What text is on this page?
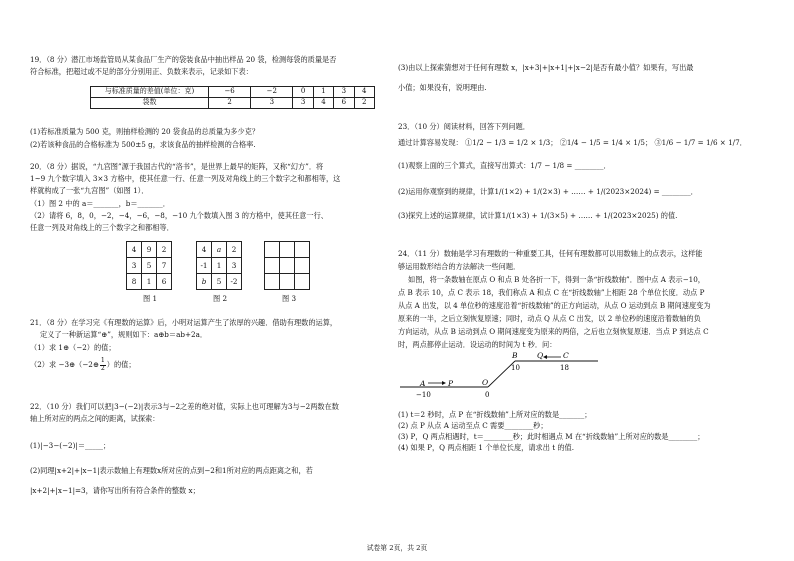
19．（8 分）潜江市场监管局从某食品厂生产的袋装食品中抽出样品 20 袋，检测每袋的质量是否
符合标准，把超过或不足的部分分别用正、负数来表示，记录如下表：
与标准质量的差值(单位：克)	−6	−2	0	1	3	4
袋数	2	3	3	4	6	2
(1)若标准质量为 500 克，则抽样检测的 20 袋食品的总质量为多少克？
(2)若该种食品的合格标准为 500±5 g，求该食品的抽样检测的合格率.
20．（8 分）据说，“九宫图”源于我国古代的“洛书”，是世界上最早的矩阵，又称“幻方”．将
1~9 九个数字填入 3×3 方格中，使其任意一行、任意一列及对角线上的三个数字之和都相等，这
样就构成了一张“九宫图”（如图 1）．
（1）图 2 中的 a＝_______，b＝_______．
（2）请将 6，8，0，−2，−4，−6，−8，−10 九个数填入图 3 的方格中，使其任意一行、
任意一列及对角线上的三个数字之和都相等．
4	9	2
3	5	7
8	1	6
图 1
4	a	2
-1	1	3
b	5	-2
图 2

			图 3
21．（8 分）在学习完《有理数的运算》后，小明对运算产生了浓厚的兴趣．借助有理数的运算，
定义了一种新运算“⊕”，规则如下：a⊕b＝ab+2a．
（1）求 1⊕（−2）的值；
（2）求 −3⊕（−2⊕ $\frac{1}{2}$ ）的值；
22．（10 分）我们可以把|3−(−2)|表示3与−2之差的绝对值，实际上也可理解为3与−2两数在数
轴上所对应的两点之间的距离，试探索：
(1)|−3−(−2)|＝_____；
(2)同理|x+2|+|x−1|表示数轴上有理数x所对应的点到−2和1所对应的两点距离之和，若
|x+2|+|x−1|=3，请你写出所有符合条件的整数 x；
(3)由以上探索猜想对于任何有理数 x，|x+3|+|x+1|+|x−2|是否有最小值？如果有，写出最
小值；如果没有，说明理由.
23．（10 分）阅读材料，回答下列问题．
通过计算容易发现： ①1/2 − 1/3 = 1/2 × 1/3； ②1/4 − 1/5 = 1/4 × 1/5； ③1/6 − 1/7 = 1/6 × 1/7．
(1)观察上面的三个算式，直接写出算式：1/7 − 1/8 = ________．
(2)运用你观察到的规律，计算1/(1×2) + 1/(2×3) + …… + 1/(2023×2024) = ________．
(3)探究上述的运算规律，试计算1/(1×3) + 1/(3×5) + …… + 1/(2023×2025) 的值.
24．（11 分）数轴是学习有理数的一种重要工具，任何有理数都可以用数轴上的点表示，这样能
够运用数形结合的方法解决一些问题．
如图，将一条数轴在原点 O 和点 B 处各折一下，得到一条“折线数轴”．图中点 A 表示−10，
点 B 表示 10，点 C 表示 18，我们称点 A 和点 C 在“折线数轴”上相距 28 个单位长度．动点 P
从点 A 出发，以 4 单位秒的速度沿着“折线数轴”的正方向运动，从点 O 运动到点 B 期间速度变为
原来的一半，之后立刻恢复原速；同时，动点 Q 从点 C 出发，以 2 单位秒的速度沿着数轴的负
方向运动，从点 B 运动到点 O 期间速度变为原来的两倍，之后也立刻恢复原速．当点 P 到达点 C
时，两点都停止运动．设运动的时间为 t 秒．问：
A	P	O
B	Q	C
−10	0
10	18
(1) t＝2 秒时，点 P 在“折线数轴”上所对应的数是_______；
(2) 点 P 从点 A 运动至点 C 需要________秒；
(3) P，Q 两点相遇时，t＝________秒；此时相遇点 M 在“折线数轴”上所对应的数是________；
(4) 如果 P，Q 两点相距 1 个单位长度，请求出 t 的值.
试卷第 2页，共 2页
